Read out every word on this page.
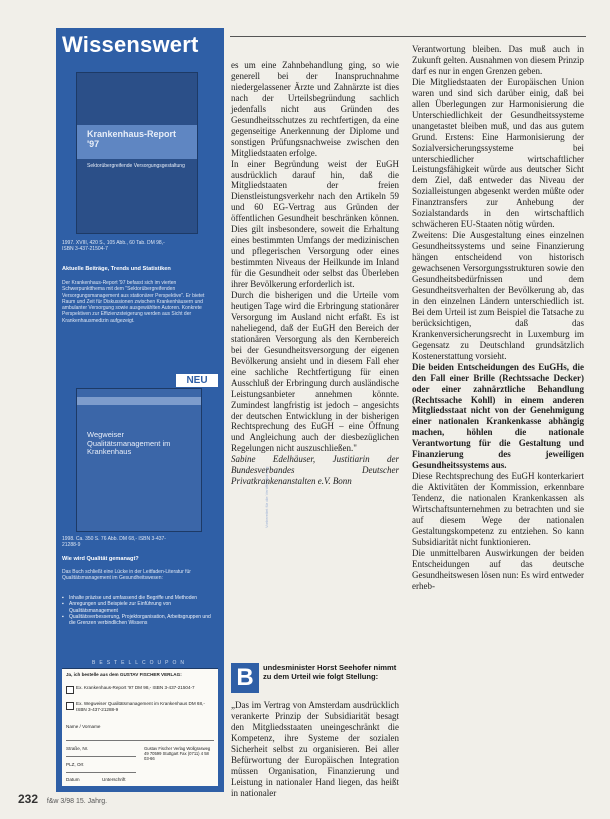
Wissenswert
Krankenhaus-Report '97
Sektorübergreifende Versorgungsgestaltung
1997. XVIII, 420 S., 105 Abb., 60 Tab. DM 98,- ISBN 3-437-21504-7
Aktuelle Beiträge, Trends und Statistiken
Der Krankenhaus-Report '97 befasst sich im vierten Schwerpunktthema mit dem "Sektorübergreifenden Versorgungsmanagement aus stationärer Perspektive". Er bietet Raum und Zeit für Diskussionen zwischen Krankenhäusern und ambulanter Versorgung sowie ausgewählten Autoren. Konkrete Perspektiven zur Effizienzsteigerung werden aus Sicht der Krankenhausmedizin aufgezeigt.
NEU
Wegweiser Qualitätsmanagement im Krankenhaus
Vorbereitet für die Veröffentlichung
1998. Ca. 350 S. 76 Abb. DM 68,- ISBN 3-437-21288-9
Wie wird Qualität gemanagt?
Das Buch schließt eine Lücke in der Leitfaden-Literatur für Qualitätsmanagement im Gesundheitswesen:
▪ Inhalte präzise und umfassend die Begriffe und Methoden
▪ Anregungen und Beispiele zur Einführung von Qualitätsmanagement
▪ Qualitätsverbesserung, Projektorganisation, Arbeitsgruppen und die Grenzen verbindlichen Wissens
BESTELLCOUPON
Ja, ich bestelle aus dem GUSTAV FISCHER VERLAG:
Ex. Krankenhaus-Report '97 DM 98,- ISBN 3-437-21504-7
Ex. Wegweiser Qualitätsmanagement im Krankenhaus DM 68,- ISBN 3-437-21288-9
Name / Vorname
Straße, Nr.
PLZ, Ort
Gustav Fischer Verlag Wollgrasweg 49 70599 Stuttgart Fax (0711) 4 58 03-66
Datum	Unterschrift

es um eine Zahnbehandlung ging, so wie generell bei der Inanspruchnahme niedergelassener Ärzte und Zahnärzte ist dies nach der Urteilsbegründung sachlich jedenfalls nicht aus Gründen des Gesundheitsschutzes zu rechtfertigen, da eine gegenseitige Anerkennung der Diplome und sonstigen Prüfungsnachweise zwischen den Mitgliedstaaten erfolge.

In einer Begründung weist der EuGH ausdrücklich darauf hin, daß die Mitgliedstaaten der freien Dienstleistungsverkehr nach den Artikeln 59 und 60 EG-Vertrag aus Gründen der öffentlichen Gesundheit beschränken können. Dies gilt insbesondere, soweit die Erhaltung eines bestimmten Umfangs der medizinischen und pflegerischen Versorgung oder eines bestimmten Niveaus der Heilkunde im Inland für die Gesundheit oder selbst das Überleben ihrer Bevölkerung erforderlich ist.

Durch die bisherigen und die Urteile vom heutigen Tage wird die Erbringung stationärer Versorgung im Ausland nicht erfaßt. Es ist naheliegend, daß der EuGH den Bereich der stationären Versorgung als den Kernbereich bei der Gesundheitsversorgung der eigenen Bevölkerung ansieht und in diesem Fall eher eine sachliche Rechtfertigung für einen Ausschluß der Erbringung durch ausländische Leistungsanbieter annehmen könnte. Zumindest langfristig ist jedoch – angesichts der deutschen Entwicklung in der bisherigen Rechtsprechung des EuGH – eine Öffnung und Angleichung auch der diesbezüglichen Regelungen nicht auszuschließen."

Sabine Edelhäuser, Justitiarin der Bundesverbandes Deutscher Privatkrankenanstalten e.V. Bonn

B	undesminister Horst Seehofer nimmt zu dem Urteil wie folgt Stellung:

„Das im Vertrag von Amsterdam ausdrücklich verankerte Prinzip der Subsidiarität besagt den Mitgliedsstaaten uneingeschränkt die Kompetenz, ihre Systeme der sozialen Sicherheit selbst zu organisieren. Bei aller Befürwortung der Europäischen Integration müssen Organisation, Finanzierung und Leistung in nationaler Hand liegen, das heißt in nationaler

Verantwortung bleiben. Das muß auch in Zukunft gelten. Ausnahmen von diesem Prinzip darf es nur in engen Grenzen geben.

Die Mitgliedstaaten der Europäischen Union waren und sind sich darüber einig, daß bei allen Überlegungen zur Harmonisierung die Unterschiedlichkeit der Gesundheitssysteme unangetastet bleiben muß, und das aus gutem Grund. Erstens: Eine Harmonisierung der Sozialversicherungssysteme bei unterschiedlicher wirtschaftlicher Leistungsfähigkeit würde aus deutscher Sicht dem Ziel, daß entweder das Niveau der Sozialleistungen abgesenkt werden müßte oder Finanztransfers zur Anhebung der Sozialstandards in den wirtschaftlich schwächeren EU-Staaten nötig würden.

Zweitens: Die Ausgestaltung eines einzelnen Gesundheitssystems und seine Finanzierung hängen entscheidend von historisch gewachsenen Versorgungsstrukturen sowie den Gesundheitsbedürfnissen und dem Gesundheitsverhalten der Bevölkerung ab, das in den einzelnen Ländern unterschiedlich ist. Bei dem Urteil ist zum Beispiel die Tatsache zu berücksichtigen, daß das Krankenversicherungsrecht in Luxemburg im Gegensatz zu Deutschland grundsätzlich Kostenerstattung vorsieht.

Die beiden Entscheidungen des EuGHs, die den Fall einer Brille (Rechtssache Decker) oder einer zahnärztliche Behandlung (Rechtssache Kohll) in einem anderen Mitgliedsstaat nicht von der Genehmigung einer nationalen Krankenkasse abhängig machen, höhlen die nationale Verantwortung für die Gestaltung und Finanzierung des jeweiligen Gesundheitssystems aus.

Diese Rechtsprechung des EuGH konterkariert die Aktivitäten der Kommission, erkennbare Tendenz, die nationalen Krankenkassen als Wirtschaftsunternehmen zu betrachten und sie auf diesem Wege der nationalen Gestaltungskompetenz zu entziehen. So kann Subsidiarität nicht funktionieren.

Die unmittelbaren Auswirkungen der beiden Entscheidungen auf das deutsche Gesundheitswesen lösen nun: Es wird entweder erheb-

232 f&w 3/98 15. Jahrg.
